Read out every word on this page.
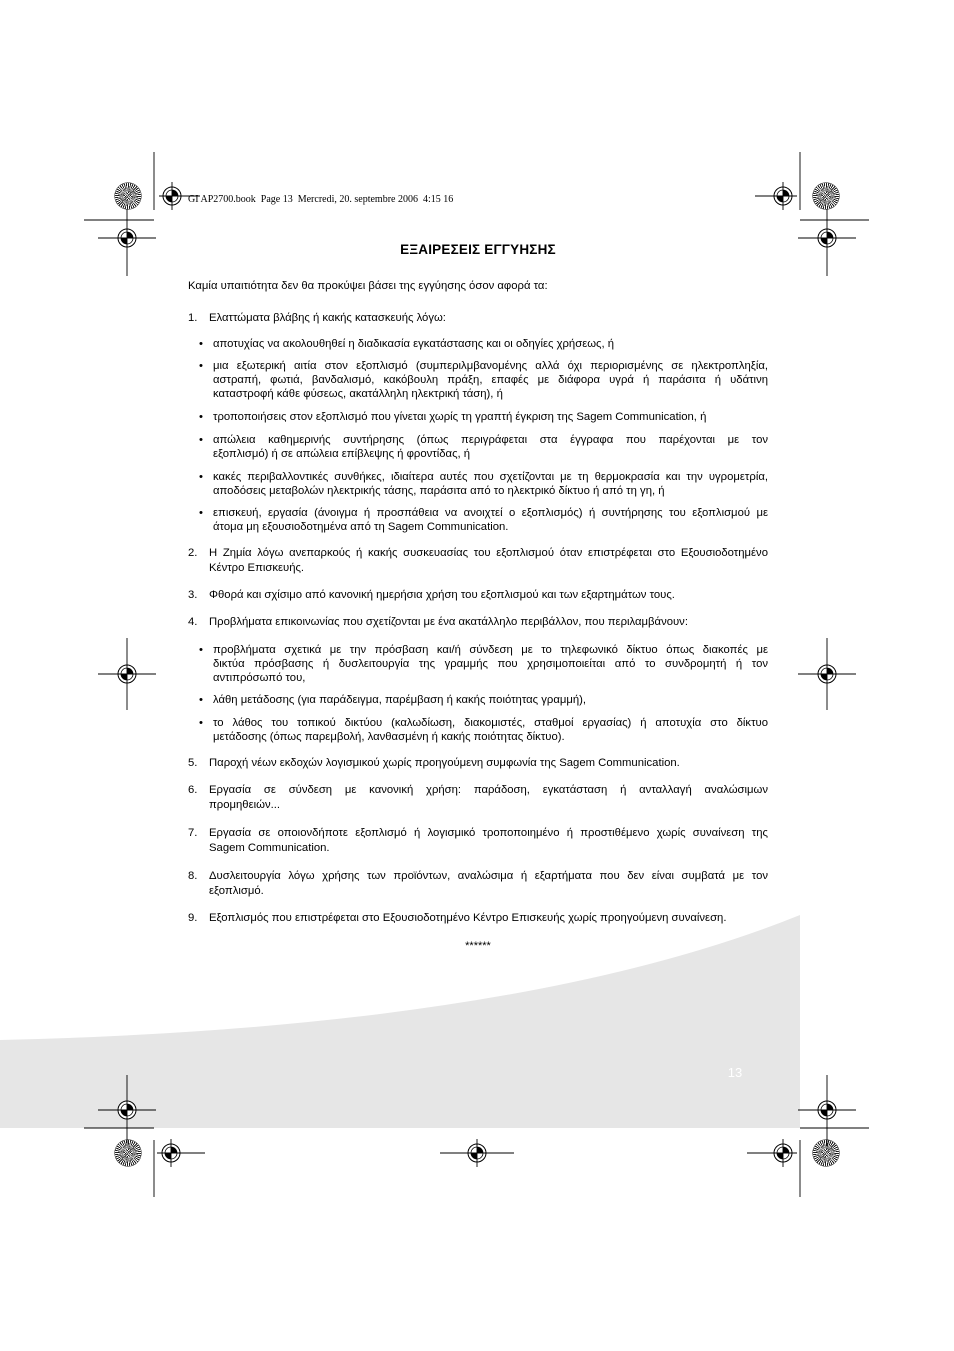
GI AP2700.book  Page 13  Mercredi, 20. septembre 2006  4:15 16
ΕΞΑΙΡΕΣΕΙΣ ΕΓΓΥΗΣΗΣ
Καμία υπαιτιότητα δεν θα προκύψει βάσει της εγγύησης όσον αφορά τα:
1. Ελαττώματα βλάβης ή κακής κατασκευής λόγω:
• αποτυχίας να ακολουθηθεί η διαδικασία εγκατάστασης και οι οδηγίες χρήσεως, ή
• μια εξωτερική αιτία στον εξοπλισμό (συμπεριλμβανομένης αλλά όχι περιορισμένης σε ηλεκτροπληξία,
αστραπή, φωτιά, βανδαλισμό, κακόβουλη πράξη, επαφές με διάφορα υγρά ή παράσιτα ή υδάτινη
καταστροφή κάθε φύσεως, ακατάλληλη ηλεκτρική τάση), ή
• τροποποιήσεις στον εξοπλισμό που γίνεται χωρίς τη γραπτή έγκριση της Sagem Communication, ή
• απώλεια καθημερινής συντήρησης (όπως περιγράφεται στα έγγραφα που παρέχονται με τον
εξοπλισμό) ή σε απώλεια επίβλεψης ή φροντίδας, ή
• κακές περιβαλλοντικές συνθήκες, ιδιαίτερα αυτές που σχετίζονται με τη θερμοκρασία και την υγρομετρία,
αποδόσεις μεταβολών ηλεκτρικής τάσης, παράσιτα από το ηλεκτρικό δίκτυο ή από τη γη, ή
• επισκευή, εργασία (άνοιγμα ή προσπάθεια να ανοιχτεί ο εξοπλισμός) ή συντήρησης του εξοπλισμού με
άτομα μη εξουσιοδοτημένα από τη Sagem Communication.
2. Η Ζημία λόγω ανεπαρκούς ή κακής συσκευασίας του εξοπλισμού όταν επιστρέφεται στο Εξουσιοδοτημένο
Κέντρο Επισκευής.
3. Φθορά και σχίσιμο από κανονική ημερήσια χρήση του εξοπλισμού και των εξαρτημάτων τους.
4. Προβλήματα επικοινωνίας που σχετίζονται με ένα ακατάλληλο περιβάλλον, που περιλαμβάνουν:
• προβλήματα σχετικά με την πρόσβαση και/ή σύνδεση με το τηλεφωνικό δίκτυο όπως διακοπές με
δικτύα πρόσβασης ή δυσλειτουργία της γραμμής που χρησιμοποιείται από το συνδρομητή ή τον
αντιπρόσωπό του,
• λάθη μετάδοσης (για παράδειγμα, παρέμβαση ή κακής ποιότητας γραμμή),
• το λάθος του τοπικού δικτύου (καλωδίωση, διακομιστές, σταθμοί εργασίας) ή αποτυχία στο δίκτυο
μετάδοσης (όπως παρεμβολή, λανθασμένη ή κακής ποιότητας δίκτυο).
5. Παροχή νέων εκδοχών λογισμικού χωρίς προηγούμενη συμφωνία της Sagem Communication.
6. Εργασία σε σύνδεση με κανονική χρήση: παράδοση, εγκατάσταση ή ανταλλαγή αναλώσιμων
προμηθειών...
7. Εργασία σε οποιονδήποτε εξοπλισμό ή λογισμικό τροποποιημένο ή προστιθέμενο χωρίς συναίνεση της
Sagem Communication.
8. Δυσλειτουργία λόγω χρήσης των προϊόντων, αναλώσιμα ή εξαρτήματα που δεν είναι συμβατά με τον
εξοπλισμό.
9. Εξοπλισμός που επιστρέφεται στο Εξουσιοδοτημένο Κέντρο Επισκευής χωρίς προηγούμενη συναίνεση.
******
13
